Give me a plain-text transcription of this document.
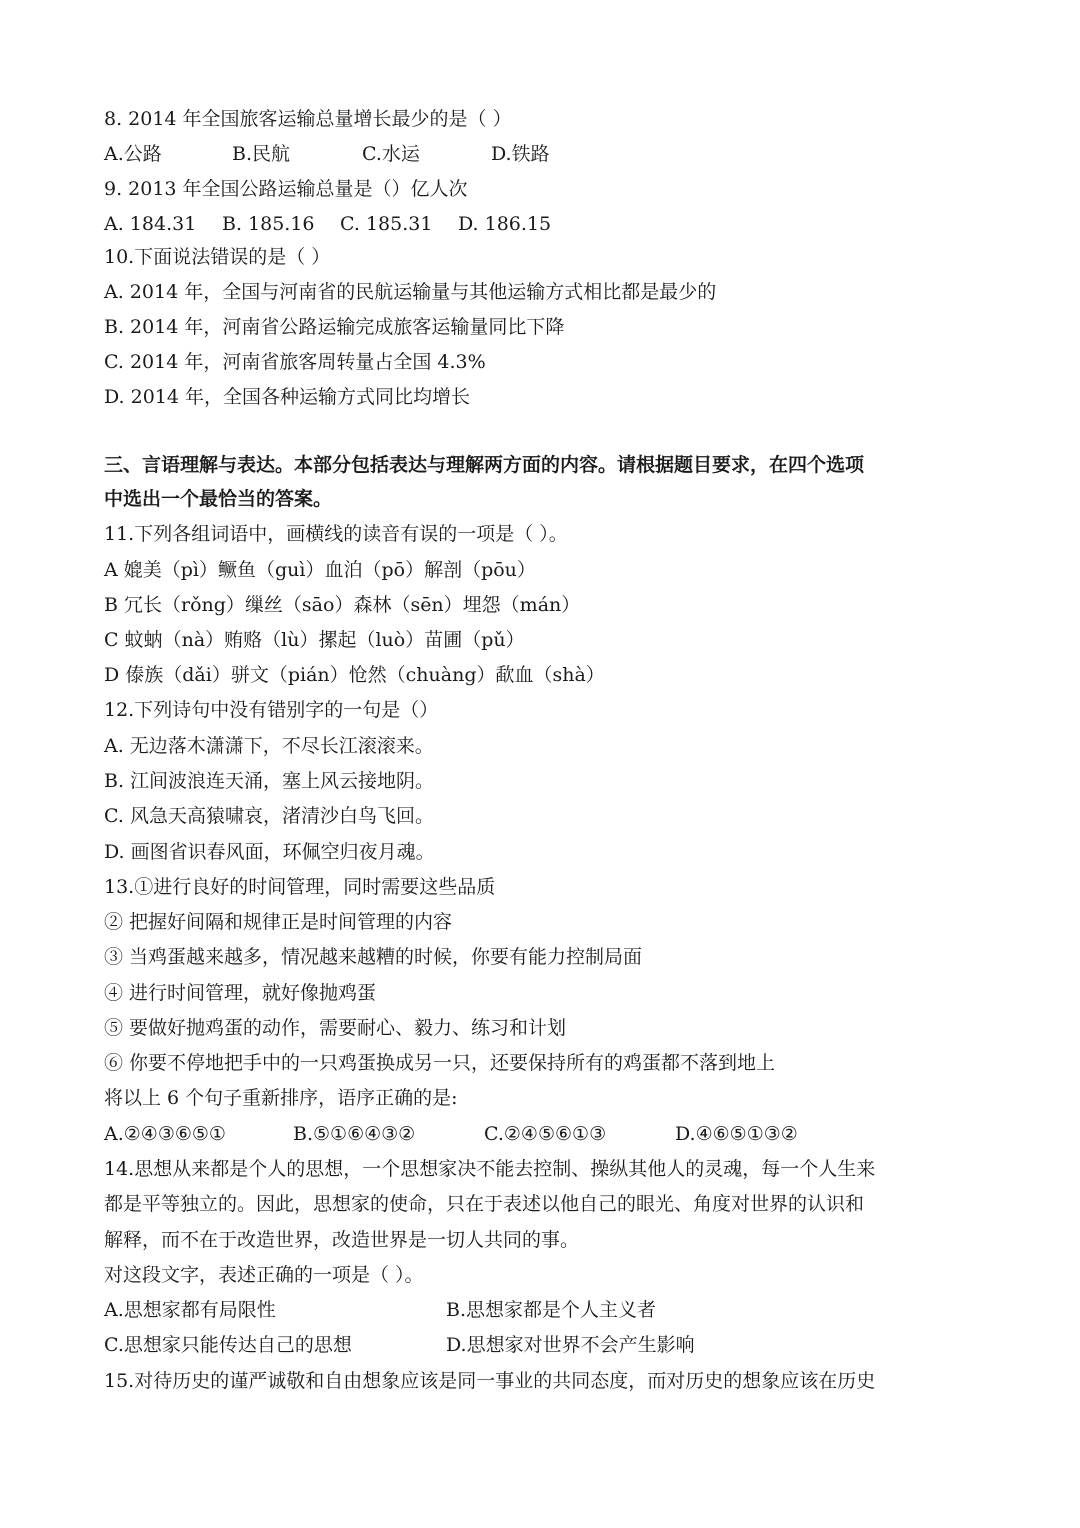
8. 2014 年全国旅客运输总量增长最少的是（ ）
A.公路	B.民航	C.水运	D.铁路
9. 2013 年全国公路运输总量是（）亿人次
A. 184.31 B. 185.16 C. 185.31 D. 186.15
10.下面说法错误的是（ ）
A. 2014 年，全国与河南省的民航运输量与其他运输方式相比都是最少的
B. 2014 年，河南省公路运输完成旅客运输量同比下降
C. 2014 年，河南省旅客周转量占全国 4.3%
D. 2014 年，全国各种运输方式同比均增长
三、言语理解与表达。本部分包括表达与理解两方面的内容。请根据题目要求，在四个选项
中选出一个最恰当的答案。
11.下列各组词语中，画横线的读音有误的一项是（ ）。
A 媲美（pì）鳜鱼（guì）血泊（pō）解剖（pōu）
B 冗长（rǒng）缫丝（sāo）森林（sēn）埋怨（mán）
C 蚊蚋（nà）贿赂（lù）摞起（luò）苗圃（pǔ）
D 傣族（dǎi）骈文（pián）怆然（chuàng）歃血（shà）
12.下列诗句中没有错别字的一句是（）
A. 无边落木潇潇下，不尽长江滚滚来。
B. 江间波浪连天涌，塞上风云接地阴。
C. 风急天高猿啸哀，渚清沙白鸟飞回。
D. 画图省识春风面，环佩空归夜月魂。
13.①进行良好的时间管理，同时需要这些品质
② 把握好间隔和规律正是时间管理的内容
③ 当鸡蛋越来越多，情况越来越糟的时候，你要有能力控制局面
④ 进行时间管理，就好像抛鸡蛋
⑤ 要做好抛鸡蛋的动作，需要耐心、毅力、练习和计划
⑥ 你要不停地把手中的一只鸡蛋换成另一只，还要保持所有的鸡蛋都不落到地上
将以上 6 个句子重新排序，语序正确的是:
A.②④③⑥⑤①	B.⑤①⑥④③②	C.②④⑤⑥①③	D.④⑥⑤①③②
14.思想从来都是个人的思想，一个思想家决不能去控制、操纵其他人的灵魂，每一个人生来
都是平等独立的。因此，思想家的使命，只在于表述以他自己的眼光、角度对世界的认识和
解释，而不在于改造世界，改造世界是一切人共同的事。
对这段文字，表述正确的一项是（ ）。
A.思想家都有局限性	B.思想家都是个人主义者
C.思想家只能传达自己的思想	D.思想家对世界不会产生影响
15.对待历史的谨严诚敬和自由想象应该是同一事业的共同态度，而对历史的想象应该在历史
